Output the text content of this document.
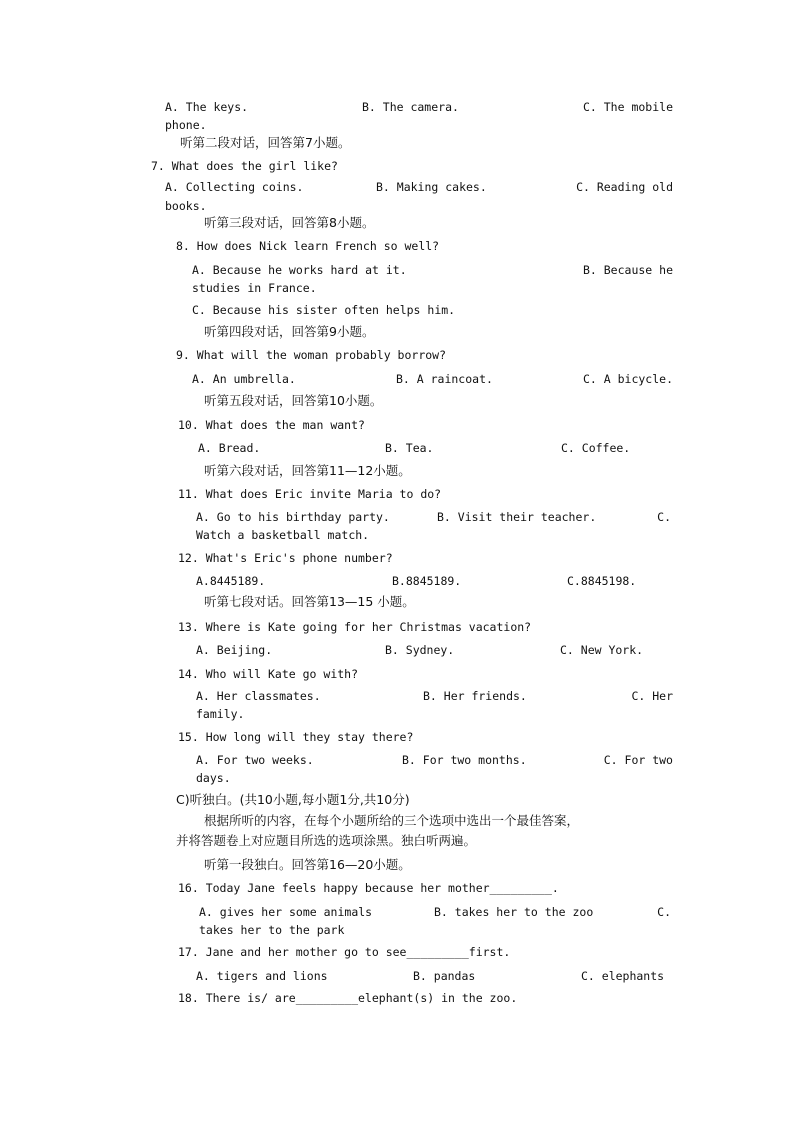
A. The keys.	B. The camera.	C. The mobile
phone.
听第二段对话，回答第7小题。
7. What does the girl like?
A. Collecting coins.	B. Making cakes.	C. Reading old
books.
听第三段对话，回答第8小题。
8. How does Nick learn French so well?
A. Because he works hard at it.	B. Because he
studies in France.
C. Because his sister often helps him.
听第四段对话，回答第9小题。
9. What will the woman probably borrow?
A. An umbrella.	B. A raincoat.	C. A bicycle.
听第五段对话，回答第10小题。
10. What does the man want?
A. Bread.	B. Tea.	C. Coffee.
听第六段对话，回答第11—12小题。
11. What does Eric invite Maria to do?
A. Go to his birthday party.	B. Visit their teacher.	C.
Watch a basketball match.
12. What's Eric's phone number?
A.8445189.	B.8845189.	C.8845198.
听第七段对话。回答第13—15 小题。
13. Where is Kate going for her Christmas vacation?
A. Beijing.	B. Sydney.	C. New York.
14. Who will Kate go with?
A. Her classmates.	B. Her friends.	C. Her
family.
15. How long will they stay there?
A. For two weeks.	B. For two months.	C. For two
days.
C)听独白。(共10小题,每小题1分,共10分)
根据所听的内容，在每个小题所给的三个选项中选出一个最佳答案，
并将答题卷上对应题目所选的选项涂黑。独白听两遍。
听第一段独白。回答第16—20小题。
16. Today Jane feels happy because her mother_________.
A. gives her some animals	B. takes her to the zoo	C.
takes her to the park
17. Jane and her mother go to see_________first.
A. tigers and lions	B. pandas	C. elephants
18. There is/ are_________elephant(s) in the zoo.
